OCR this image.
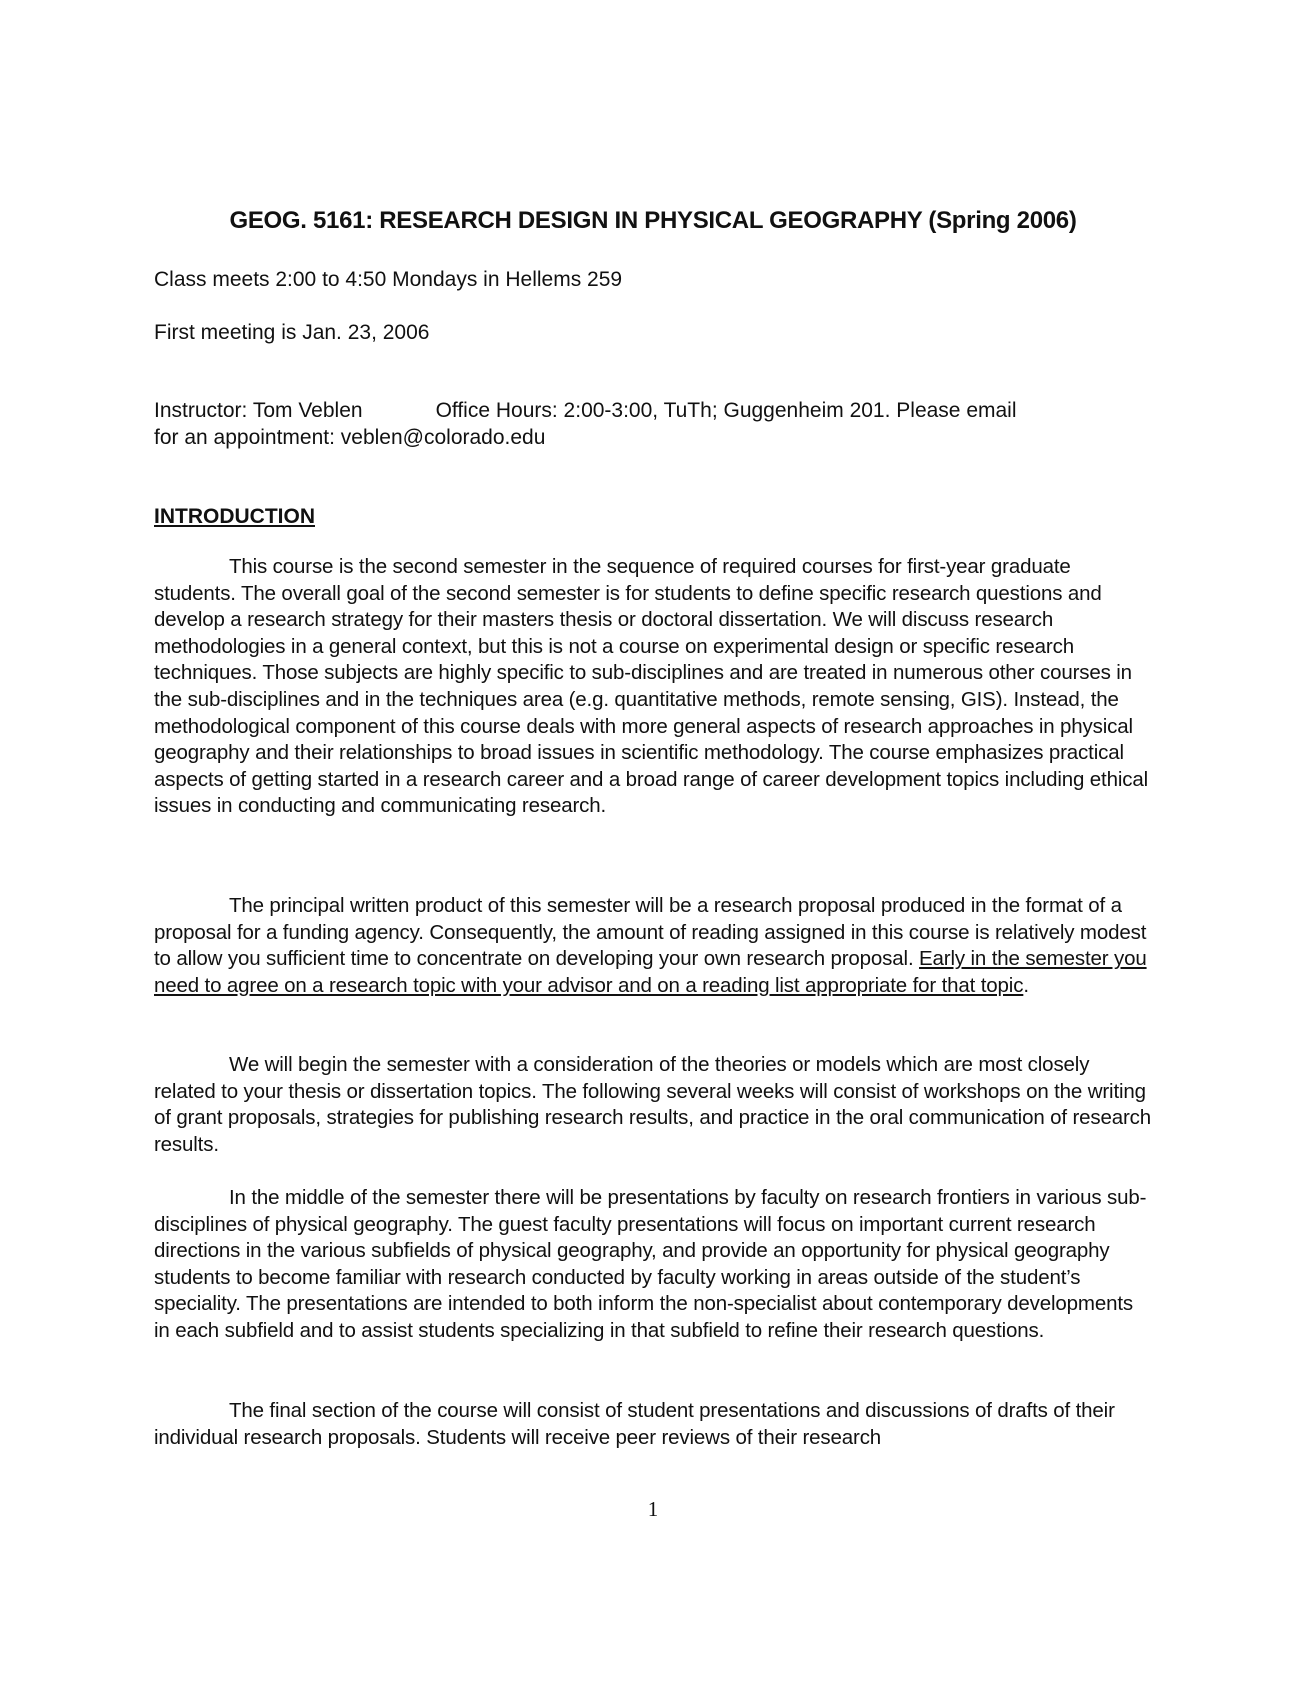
GEOG. 5161: RESEARCH DESIGN IN PHYSICAL GEOGRAPHY (Spring 2006)

Class meets 2:00 to 4:50 Mondays in Hellems 259

First meeting is Jan. 23, 2006

Instructor: Tom Veblen	Office Hours: 2:00-3:00, TuTh; Guggenheim 201. Please email
for an appointment: veblen@colorado.edu

INTRODUCTION

This course is the second semester in the sequence of required courses for first-year graduate students. The overall goal of the second semester is for students to define specific research questions and develop a research strategy for their masters thesis or doctoral dissertation. We will discuss research methodologies in a general context, but this is not a course on experimental design or specific research techniques. Those subjects are highly specific to sub-disciplines and are treated in numerous other courses in the sub-disciplines and in the techniques area (e.g. quantitative methods, remote sensing, GIS). Instead, the methodological component of this course deals with more general aspects of research approaches in physical geography and their relationships to broad issues in scientific methodology. The course emphasizes practical aspects of getting started in a research career and a broad range of career development topics including ethical issues in conducting and communicating research.

The principal written product of this semester will be a research proposal produced in the format of a proposal for a funding agency. Consequently, the amount of reading assigned in this course is relatively modest to allow you sufficient time to concentrate on developing your own research proposal. Early in the semester you need to agree on a research topic with your advisor and on a reading list appropriate for that topic.

We will begin the semester with a consideration of the theories or models which are most closely related to your thesis or dissertation topics. The following several weeks will consist of workshops on the writing of grant proposals, strategies for publishing research results, and practice in the oral communication of research results.

In the middle of the semester there will be presentations by faculty on research frontiers in various sub-disciplines of physical geography. The guest faculty presentations will focus on important current research directions in the various subfields of physical geography, and provide an opportunity for physical geography students to become familiar with research conducted by faculty working in areas outside of the student’s speciality. The presentations are intended to both inform the non-specialist about contemporary developments in each subfield and to assist students specializing in that subfield to refine their research questions.

The final section of the course will consist of student presentations and discussions of drafts of their individual research proposals. Students will receive peer reviews of their research

1
